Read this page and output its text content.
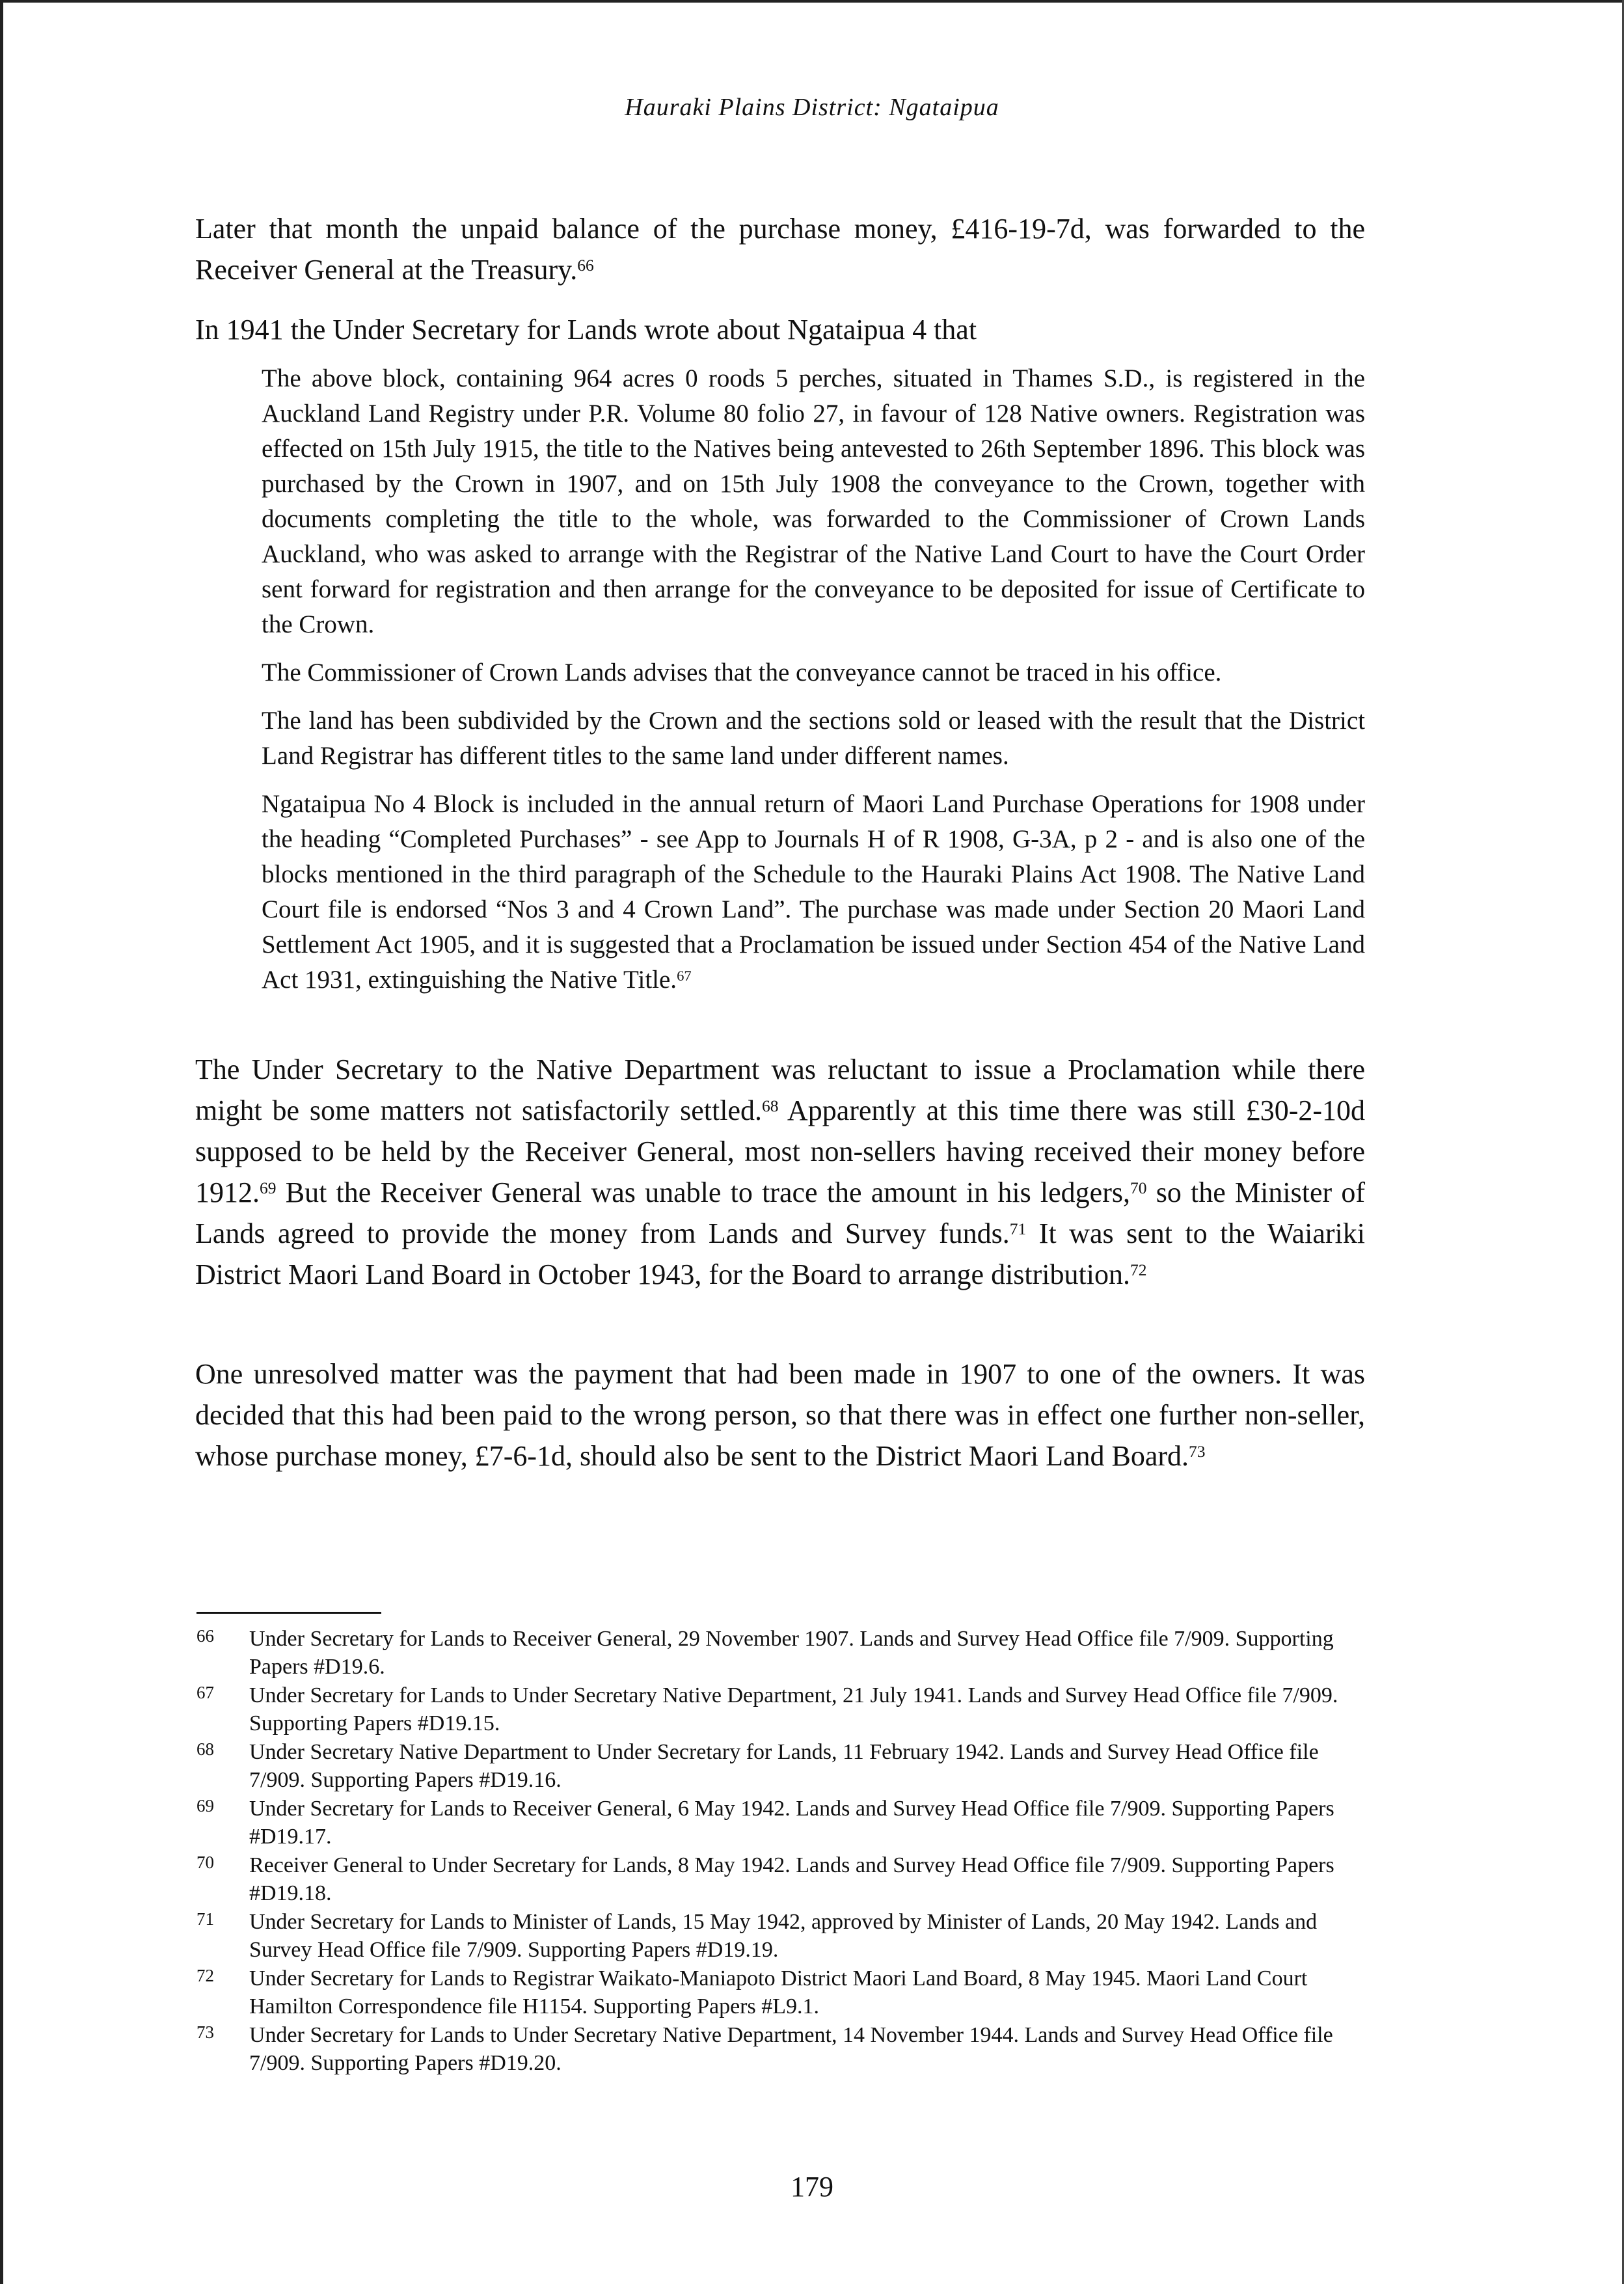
Hauraki Plains District: Ngataipua

Later that month the unpaid balance of the purchase money, £416-19-7d, was forwarded to the Receiver General at the Treasury.$^{66}$

In 1941 the Under Secretary for Lands wrote about Ngataipua 4 that

The above block, containing 964 acres 0 roods 5 perches, situated in Thames S.D., is registered in the Auckland Land Registry under P.R. Volume 80 folio 27, in favour of 128 Native owners. Registration was effected on 15th July 1915, the title to the Natives being antevested to 26th September 1896. This block was purchased by the Crown in 1907, and on 15th July 1908 the conveyance to the Crown, together with documents completing the title to the whole, was forwarded to the Commissioner of Crown Lands Auckland, who was asked to arrange with the Registrar of the Native Land Court to have the Court Order sent forward for registration and then arrange for the conveyance to be deposited for issue of Certificate to the Crown.

The Commissioner of Crown Lands advises that the conveyance cannot be traced in his office.

The land has been subdivided by the Crown and the sections sold or leased with the result that the District Land Registrar has different titles to the same land under different names.

Ngataipua No 4 Block is included in the annual return of Maori Land Purchase Operations for 1908 under the heading “Completed Purchases” - see App to Journals H of R 1908, G-3A, p 2 - and is also one of the blocks mentioned in the third paragraph of the Schedule to the Hauraki Plains Act 1908. The Native Land Court file is endorsed “Nos 3 and 4 Crown Land”. The purchase was made under Section 20 Maori Land Settlement Act 1905, and it is suggested that a Proclamation be issued under Section 454 of the Native Land Act 1931, extinguishing the Native Title.$^{67}$

The Under Secretary to the Native Department was reluctant to issue a Proclamation while there might be some matters not satisfactorily settled.$^{68}$ Apparently at this time there was still £30-2-10d supposed to be held by the Receiver General, most non-sellers having received their money before 1912.69 But the Receiver General was unable to trace the amount in his ledgers,$^{70}$ so the Minister of Lands agreed to provide the money from Lands and Survey funds.$^{71}$ It was sent to the Waiariki District Maori Land Board in October 1943, for the Board to arrange distribution.$^{72}$

One unresolved matter was the payment that had been made in 1907 to one of the owners. It was decided that this had been paid to the wrong person, so that there was in effect one further non-seller, whose purchase money, £7-6-1d, should also be sent to the District Maori Land Board.$^{73}$

66 Under Secretary for Lands to Receiver General, 29 November 1907. Lands and Survey Head Office file 7/909. Supporting Papers #D19.6.
67 Under Secretary for Lands to Under Secretary Native Department, 21 July 1941. Lands and Survey Head Office file 7/909. Supporting Papers #D19.15.
68 Under Secretary Native Department to Under Secretary for Lands, 11 February 1942. Lands and Survey Head Office file 7/909. Supporting Papers #D19.16.
69 Under Secretary for Lands to Receiver General, 6 May 1942. Lands and Survey Head Office file 7/909. Supporting Papers #D19.17.
70 Receiver General to Under Secretary for Lands, 8 May 1942. Lands and Survey Head Office file 7/909. Supporting Papers #D19.18.
71 Under Secretary for Lands to Minister of Lands, 15 May 1942, approved by Minister of Lands, 20 May 1942. Lands and Survey Head Office file 7/909. Supporting Papers #D19.19.
72 Under Secretary for Lands to Registrar Waikato-Maniapoto District Maori Land Board, 8 May 1945. Maori Land Court Hamilton Correspondence file H1154. Supporting Papers #L9.1.
73 Under Secretary for Lands to Under Secretary Native Department, 14 November 1944. Lands and Survey Head Office file 7/909. Supporting Papers #D19.20.
179
